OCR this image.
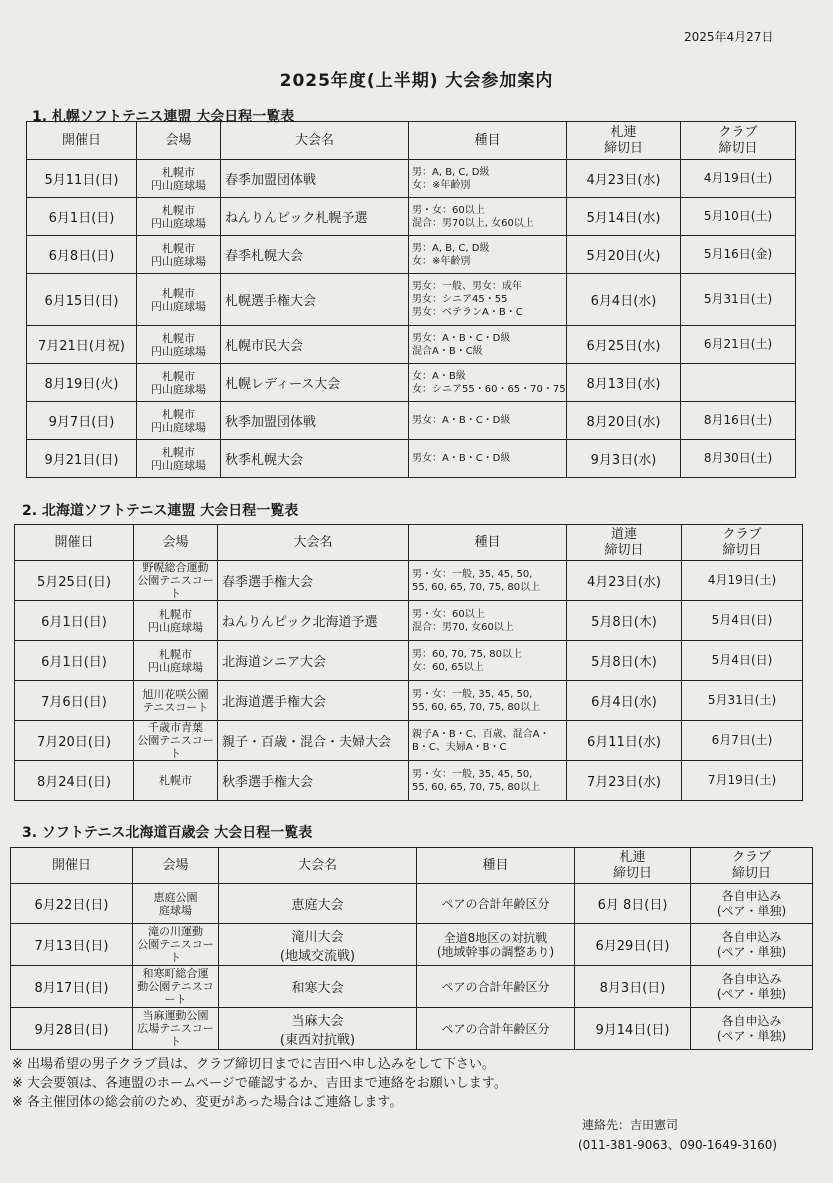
2025年4月27日
2025年度(上半期) 大会参加案内
1. 札幌ソフトテニス連盟 大会日程一覧表
開催日	会場	大会名	種目	札連
締切日	クラブ
締切日
5月11日(日)	札幌市
円山庭球場	春季加盟団体戦	男：A, B, C, D級
女：※年齢別	4月23日(水)	4月19日(土)
6月1日(日)	札幌市
円山庭球場	ねんりんピック札幌予選	男・女：60以上
混合：男70以上, 女60以上	5月14日(水)	5月10日(土)
6月8日(日)	札幌市
円山庭球場	春季札幌大会	男：A, B, C, D級
女：※年齢別	5月20日(火)	5月16日(金)
6月15日(日)	札幌市
円山庭球場	札幌選手権大会	男女：一般、男女：成年
男女：シニア45・55
男女：ベテランA・B・C	6月4日(水)	5月31日(土)
7月21日(月祝)	札幌市
円山庭球場	札幌市民大会	男女：A・B・C・D級
混合A・B・C級	6月25日(水)	6月21日(土)
8月19日(火)	札幌市
円山庭球場	札幌レディース大会	女：A・B級
女：シニア55・60・65・70・75	8月13日(水)	
9月7日(日)	札幌市
円山庭球場	秋季加盟団体戦	男女：A・B・C・D級	8月20日(水)	8月16日(土)
9月21日(日)	札幌市
円山庭球場	秋季札幌大会	男女：A・B・C・D級	9月3日(水)	8月30日(土)
2. 北海道ソフトテニス連盟 大会日程一覧表
開催日	会場	大会名	種目	道連
締切日	クラブ
締切日
5月25日(日)	野幌総合運動
公園テニスコート	春季選手権大会	男・女：一般, 35, 45, 50,
55, 60, 65, 70, 75, 80以上	4月23日(水)	4月19日(土)
6月1日(日)	札幌市
円山庭球場	ねんりんピック北海道予選	男・女：60以上
混合：男70, 女60以上	5月8日(木)	5月4日(日)
6月1日(日)	札幌市
円山庭球場	北海道シニア大会	男：60, 70, 75, 80以上
女：60, 65以上	5月8日(木)	5月4日(日)
7月6日(日)	旭川花咲公園
テニスコート	北海道選手権大会	男・女：一般, 35, 45, 50,
55, 60, 65, 70, 75, 80以上	6月4日(水)	5月31日(土)
7月20日(日)	千歳市青葉
公園テニスコート	親子・百歳・混合・夫婦大会	親子A・B・C、百歳、混合A・
B・C、夫婦A・B・C	6月11日(水)	6月7日(土)
8月24日(日)	札幌市	秋季選手権大会	男・女：一般, 35, 45, 50,
55, 60, 65, 70, 75, 80以上	7月23日(水)	7月19日(土)
3. ソフトテニス北海道百歳会 大会日程一覧表
開催日	会場	大会名	種目	札連
締切日	クラブ
締切日
6月22日(日)	恵庭公園
庭球場	恵庭大会	ペアの合計年齢区分	6月 8日(日)	各自申込み
(ペア・単独)
7月13日(日)	滝の川運動
公園テニスコート	滝川大会
(地域交流戦)	全道8地区の対抗戦
(地域幹事の調整あり)	6月29日(日)	各自申込み
(ペア・単独)
8月17日(日)	和寒町総合運
動公園テニスコート	和寒大会	ペアの合計年齢区分	8月3日(日)	各自申込み
(ペア・単独)
9月28日(日)	当麻運動公園
広場テニスコート	当麻大会
(東西対抗戦)	ペアの合計年齢区分	9月14日(日)	各自申込み
(ペア・単独)
※ 出場希望の男子クラブ員は、クラブ締切日までに吉田へ申し込みをして下さい。
※ 大会要領は、各連盟のホームページで確認するか、吉田まで連絡をお願いします。
※ 各主催団体の総会前のため、変更があった場合はご連絡します。
連絡先：吉田憲司
(011-381-9063、090-1649-3160)
